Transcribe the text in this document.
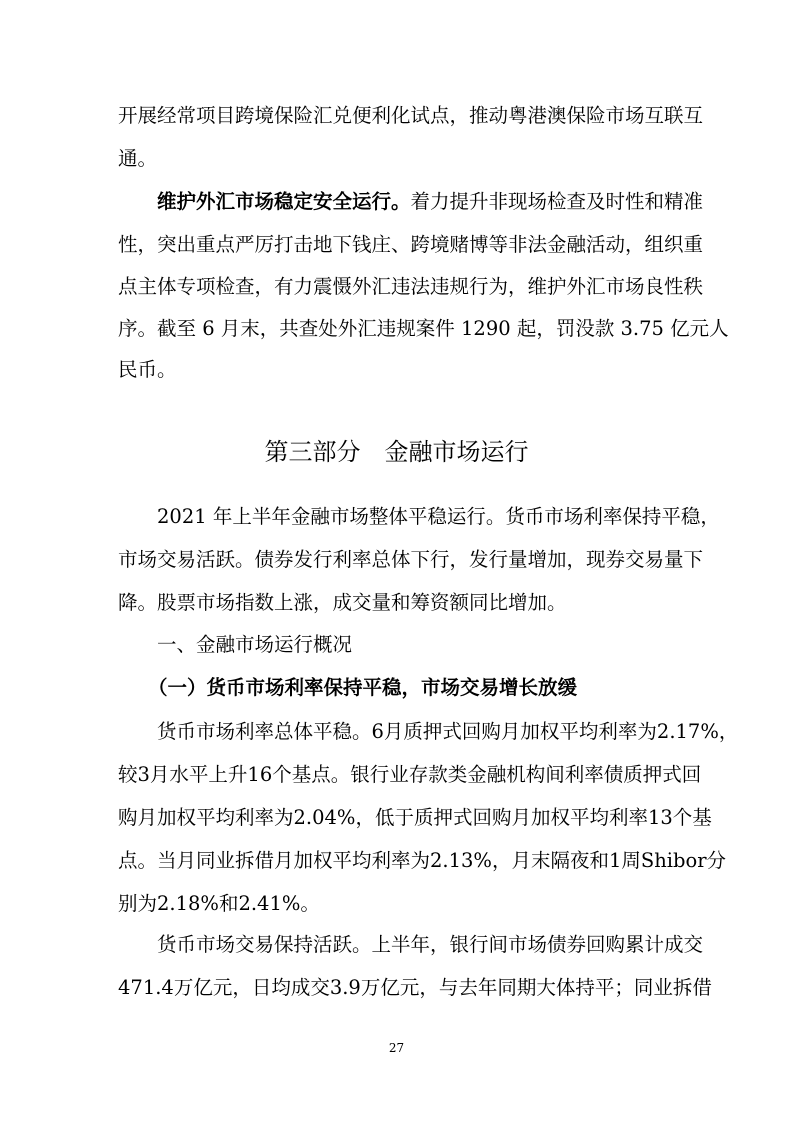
开展经常项目跨境保险汇兑便利化试点，推动粤港澳保险市场互联互
通。
维护外汇市场稳定安全运行。着力提升非现场检查及时性和精准
性，突出重点严厉打击地下钱庄、跨境赌博等非法金融活动，组织重
点主体专项检查，有力震慑外汇违法违规行为，维护外汇市场良性秩
序。截至 6 月末，共查处外汇违规案件 1290 起，罚没款 3.75 亿元人
民币。
第三部分　金融市场运行
2021 年上半年金融市场整体平稳运行。货币市场利率保持平稳，
市场交易活跃。债券发行利率总体下行，发行量增加，现券交易量下
降。股票市场指数上涨，成交量和筹资额同比增加。
一、金融市场运行概况
（一）货币市场利率保持平稳，市场交易增长放缓
货币市场利率总体平稳。6月质押式回购月加权平均利率为2.17%，
较3月水平上升16个基点。银行业存款类金融机构间利率债质押式回
购月加权平均利率为2.04%，低于质押式回购月加权平均利率13个基
点。当月同业拆借月加权平均利率为2.13%，月末隔夜和1周Shibor分
别为2.18%和2.41%。
货币市场交易保持活跃。上半年，银行间市场债券回购累计成交
471.4万亿元，日均成交3.9万亿元，与去年同期大体持平；同业拆借
27
